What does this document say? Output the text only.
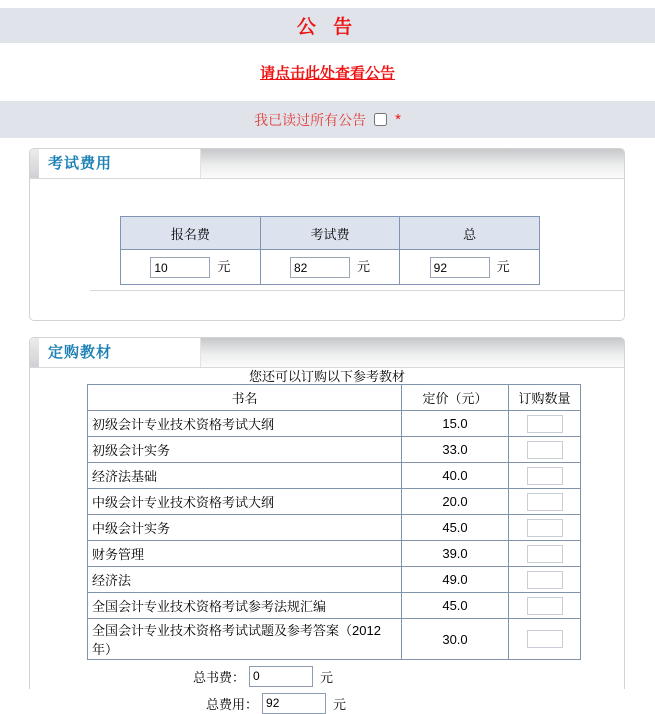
公 告
请点击此处查看公告
我已读过所有公告 *
考试费用
报名费	考试费	总
10元	82元	92元
定购教材
您还可以订购以下参考教材
书名	定价（元）	订购数量
初级会计专业技术资格考试大纲	15.0	
初级会计实务	33.0	
经济法基础	40.0	
中级会计专业技术资格考试大纲	20.0	
中级会计实务	45.0	
财务管理	39.0	
经济法	49.0	
全国会计专业技术资格考试参考法规汇编	45.0	
全国会计专业技术资格考试试题及参考答案（2012年）	30.0	
总书费：
0	元
总费用：
92	元
